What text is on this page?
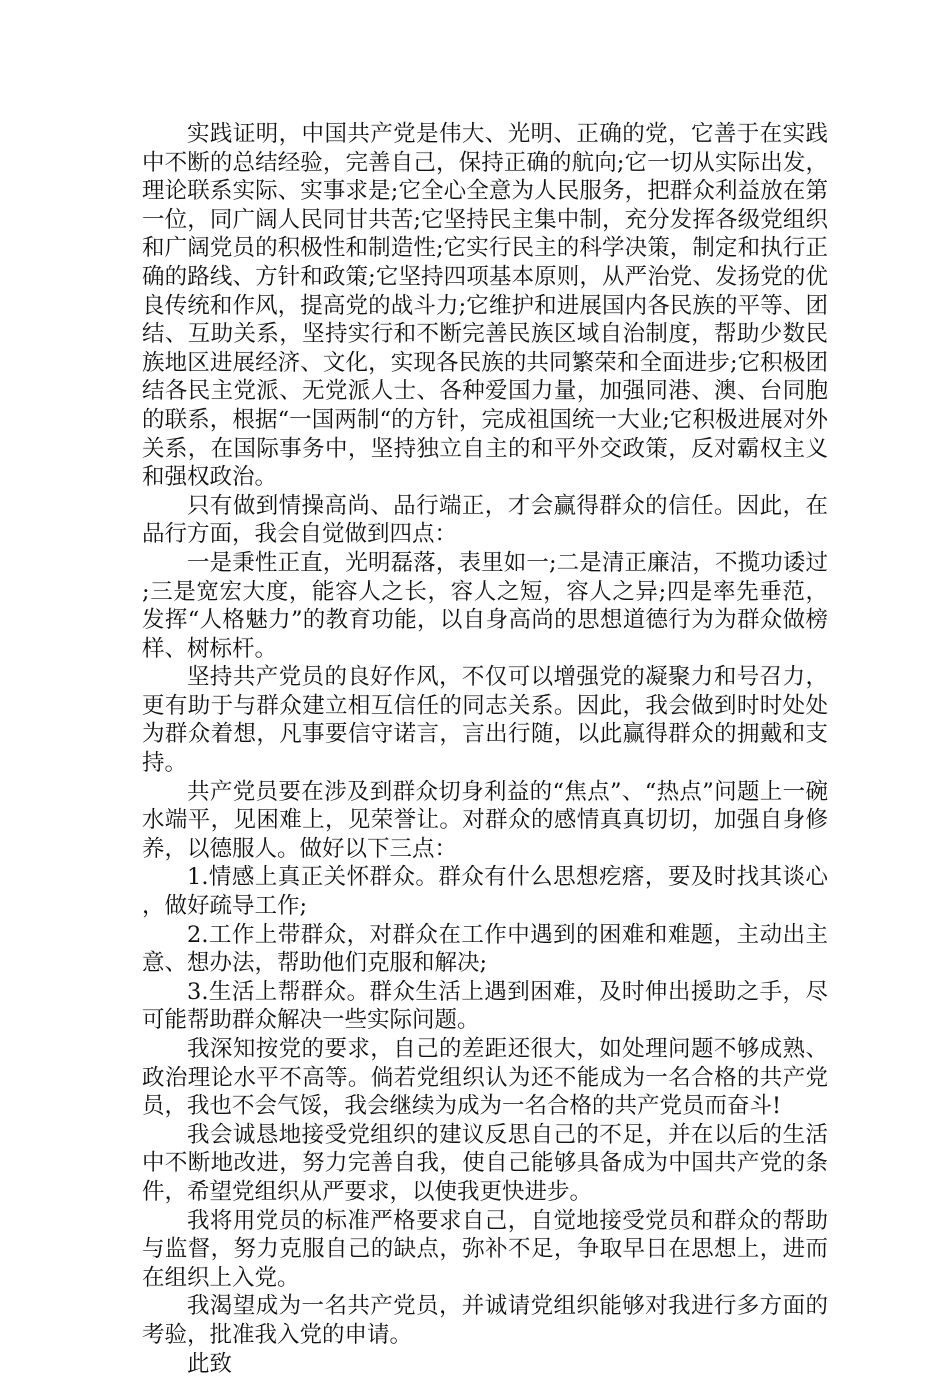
实践证明，中国共产党是伟大、光明、正确的党，它善于在实践中不断的总结经验，完善自己，保持正确的航向;它一切从实际出发，理论联系实际、实事求是;它全心全意为人民服务，把群众利益放在第一位，同广阔人民同甘共苦;它坚持民主集中制，充分发挥各级党组织和广阔党员的积极性和制造性;它实行民主的科学决策，制定和执行正确的路线、方针和政策;它坚持四项基本原则，从严治党、发扬党的优良传统和作风，提高党的战斗力;它维护和进展国内各民族的平等、团结、互助关系，坚持实行和不断完善民族区域自治制度，帮助少数民族地区进展经济、文化，实现各民族的共同繁荣和全面进步;它积极团结各民主党派、无党派人士、各种爱国力量，加强同港、澳、台同胞的联系，根据“一国两制“的方针，完成祖国统一大业;它积极进展对外关系，在国际事务中，坚持独立自主的和平外交政策，反对霸权主义和强权政治。

只有做到情操高尚、品行端正，才会赢得群众的信任。因此，在品行方面，我会自觉做到四点：

一是秉性正直，光明磊落，表里如一;二是清正廉洁，不揽功诿过;三是宽宏大度，能容人之长，容人之短，容人之异;四是率先垂范，发挥“人格魅力”的教育功能，以自身高尚的思想道德行为为群众做榜样、树标杆。

坚持共产党员的良好作风，不仅可以增强党的凝聚力和号召力，更有助于与群众建立相互信任的同志关系。因此，我会做到时时处处为群众着想，凡事要信守诺言，言出行随，以此赢得群众的拥戴和支持。

共产党员要在涉及到群众切身利益的“焦点”、“热点”问题上一碗水端平，见困难上，见荣誉让。对群众的感情真真切切，加强自身修养，以德服人。做好以下三点：

1.情感上真正关怀群众。群众有什么思想疙瘩，要及时找其谈心，做好疏导工作;

2.工作上带群众，对群众在工作中遇到的困难和难题，主动出主意、想办法，帮助他们克服和解决;

3.生活上帮群众。群众生活上遇到困难，及时伸出援助之手，尽可能帮助群众解决一些实际问题。

我深知按党的要求，自己的差距还很大，如处理问题不够成熟、政治理论水平不高等。倘若党组织认为还不能成为一名合格的共产党员，我也不会气馁，我会继续为成为一名合格的共产党员而奋斗!

我会诚恳地接受党组织的建议反思自己的不足，并在以后的生活中不断地改进，努力完善自我，使自己能够具备成为中国共产党的条件，希望党组织从严要求，以使我更快进步。

我将用党员的标准严格要求自己，自觉地接受党员和群众的帮助与监督，努力克服自己的缺点，弥补不足，争取早日在思想上，进而在组织上入党。

我渴望成为一名共产党员，并诚请党组织能够对我进行多方面的考验，批准我入党的申请。

此致
